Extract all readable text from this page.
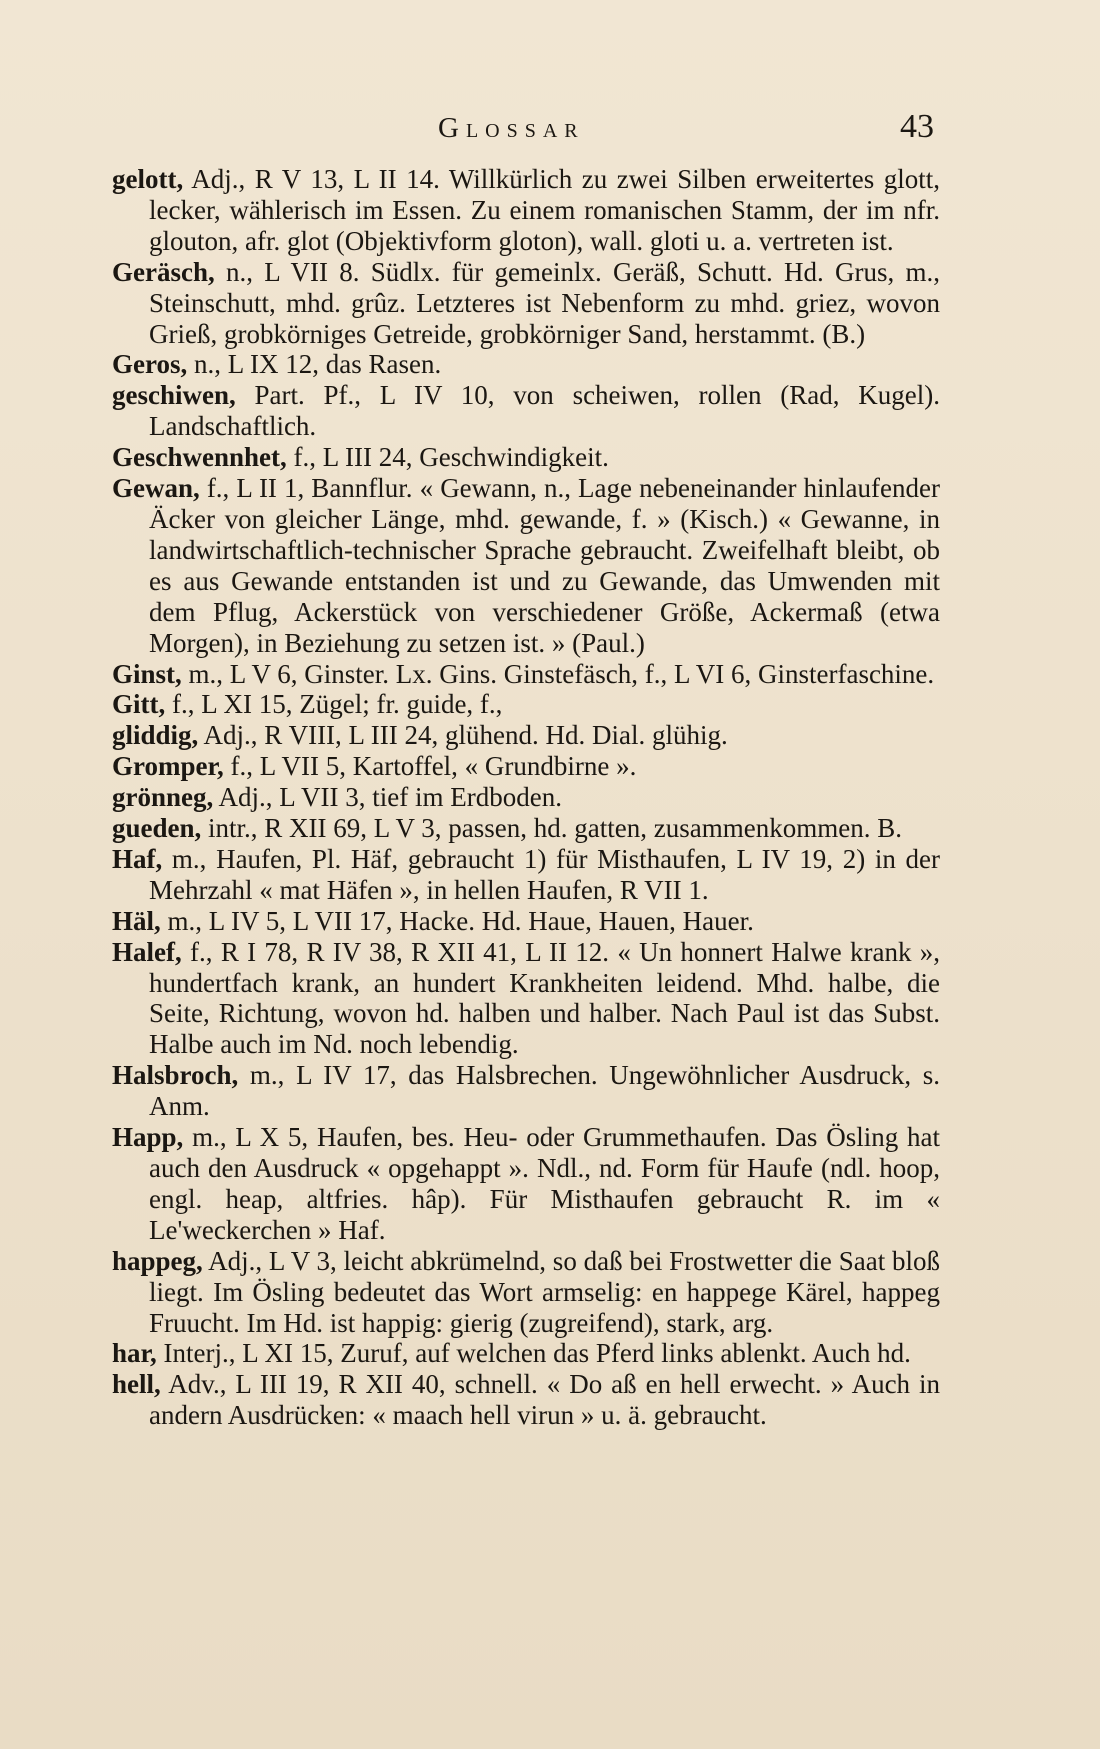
Glossar	43

gelott, Adj., R V 13, L II 14. Willkürlich zu zwei Silben erweitertes glott, lecker, wählerisch im Essen. Zu einem romanischen Stamm, der im nfr. glouton, afr. glot (Objektivform gloton), wall. gloti u. a. vertreten ist.

Geräsch, n., L VII 8. Südlx. für gemeinlx. Geräß, Schutt. Hd. Grus, m., Steinschutt, mhd. grûz. Letzteres ist Nebenform zu mhd. griez, wovon Grieß, grobkörniges Getreide, grobkörniger Sand, herstammt. (B.)

Geros, n., L IX 12, das Rasen.

geschiwen, Part. Pf., L IV 10, von scheiwen, rollen (Rad, Kugel). Landschaftlich.

Geschwennhet, f., L III 24, Geschwindigkeit.

Gewan, f., L II 1, Bannflur. « Gewann, n., Lage nebeneinander hinlaufender Äcker von gleicher Länge, mhd. gewande, f. » (Kisch.) « Gewanne, in landwirtschaftlich-technischer Sprache gebraucht. Zweifelhaft bleibt, ob es aus Gewande entstanden ist und zu Gewande, das Umwenden mit dem Pflug, Ackerstück von verschiedener Größe, Ackermaß (etwa Morgen), in Beziehung zu setzen ist. » (Paul.)

Ginst, m., L V 6, Ginster. Lx. Gins. Ginstefäsch, f., L VI 6, Ginsterfaschine.

Gitt, f., L XI 15, Zügel; fr. guide, f.,

gliddig, Adj., R VIII, L III 24, glühend. Hd. Dial. glühig.

Gromper, f., L VII 5, Kartoffel, « Grundbirne ».

grönneg, Adj., L VII 3, tief im Erdboden.

gueden, intr., R XII 69, L V 3, passen, hd. gatten, zusammenkommen. B.

Haf, m., Haufen, Pl. Häf, gebraucht 1) für Misthaufen, L IV 19, 2) in der Mehrzahl « mat Häfen », in hellen Haufen, R VII 1.

Häl, m., L IV 5, L VII 17, Hacke. Hd. Haue, Hauen, Hauer.

Halef, f., R I 78, R IV 38, R XII 41, L II 12. « Un honnert Halwe krank », hundertfach krank, an hundert Krankheiten leidend. Mhd. halbe, die Seite, Richtung, wovon hd. halben und halber. Nach Paul ist das Subst. Halbe auch im Nd. noch lebendig.

Halsbroch, m., L IV 17, das Halsbrechen. Ungewöhnlicher Ausdruck, s. Anm.

Happ, m., L X 5, Haufen, bes. Heu- oder Grummethaufen. Das Ösling hat auch den Ausdruck « opgehappt ». Ndl., nd. Form für Haufe (ndl. hoop, engl. heap, altfries. hâp). Für Misthaufen gebraucht R. im « Le'weckerchen » Haf.

happeg, Adj., L V 3, leicht abkrümelnd, so daß bei Frostwetter die Saat bloß liegt. Im Ösling bedeutet das Wort armselig: en happege Kärel, happeg Fruucht. Im Hd. ist happig: gierig (zugreifend), stark, arg.

har, Interj., L XI 15, Zuruf, auf welchen das Pferd links ablenkt. Auch hd.

hell, Adv., L III 19, R XII 40, schnell. « Do aß en hell erwecht. » Auch in andern Ausdrücken: « maach hell virun » u. ä. gebraucht.
